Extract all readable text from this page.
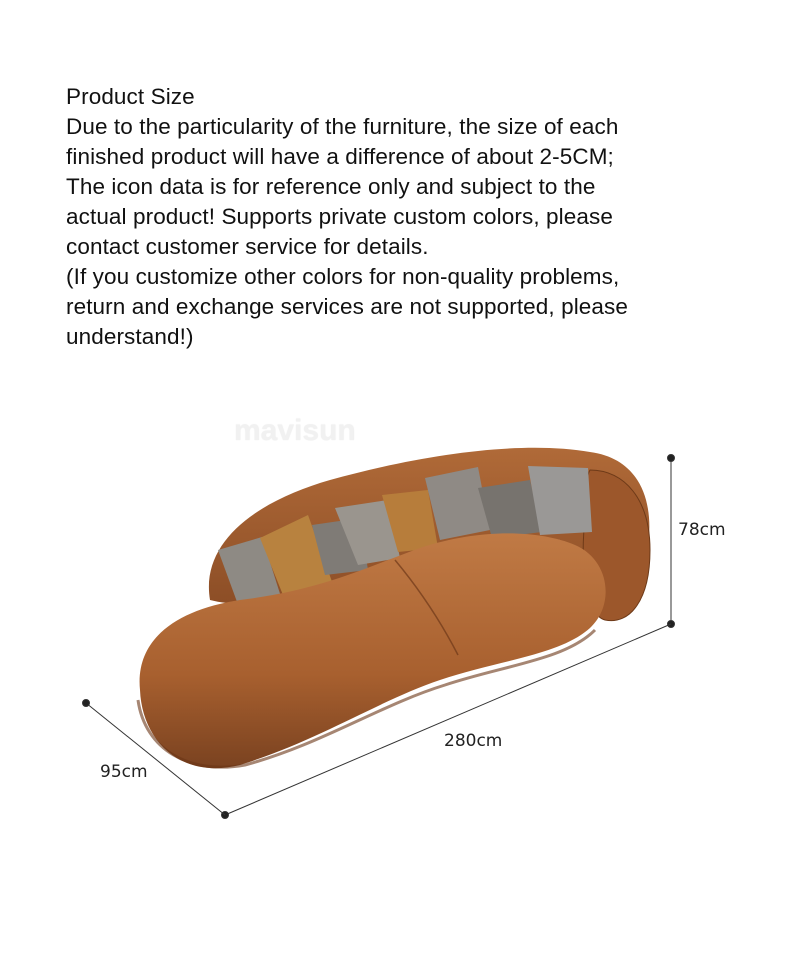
Product Size
Due to the particularity of the furniture, the size of each
finished product will have a difference of about 2-5CM;
The icon data is for reference only and subject to the
actual product! Supports private custom colors, please
contact customer service for details.
(If you customize other colors for non-quality problems,
return and exchange services are not supported, please
understand!)
mavisun
78cm
280cm
95cm
